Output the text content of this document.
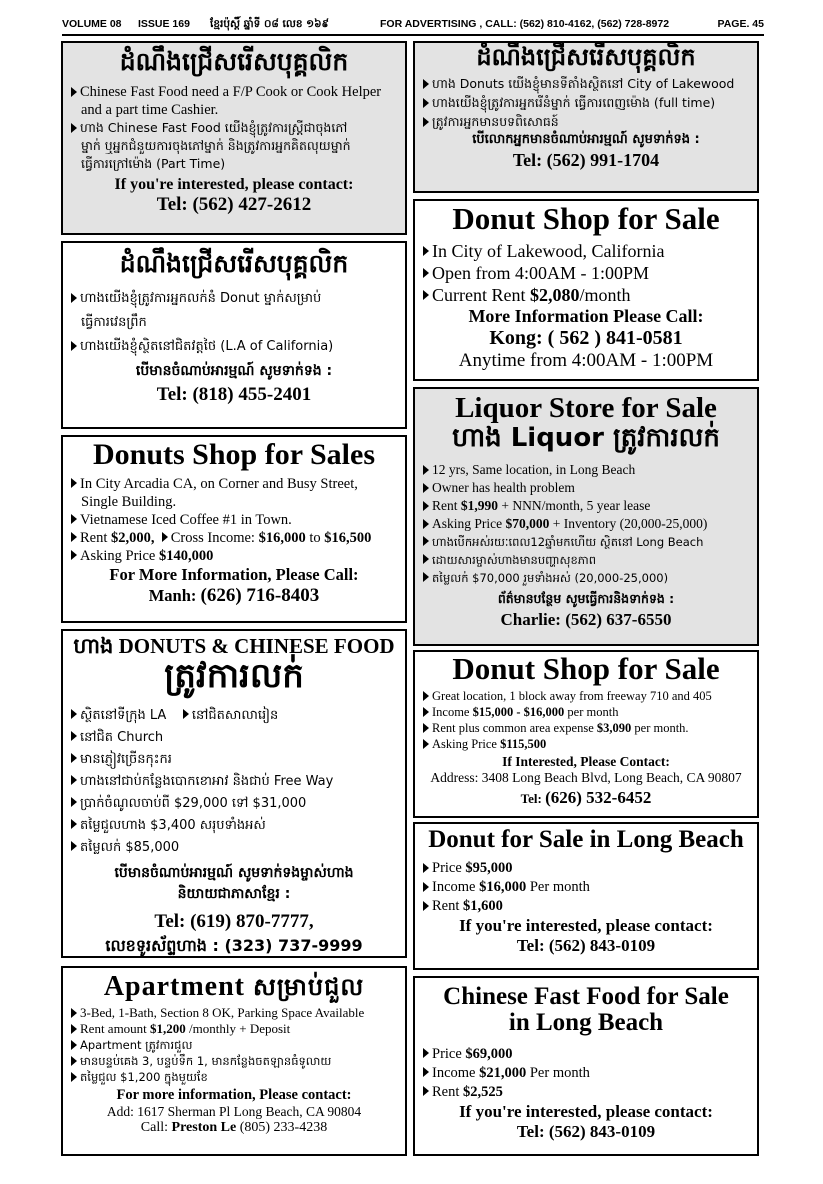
VOLUME 08 ISSUE 169 ខ្មែរប៉ុស្ដិ៍ ឆ្នាំទី ០៨ លេខ ១៦៩	FOR ADVERTISING , CALL: (562) 810-4162, (562) 728-8972	PAGE. 45
ដំណឹងជ្រើសរើសបុគ្គលិក
Chinese Fast Food need a F/P Cook or Cook Helper
and a part time Cashier.
ហាង Chinese Fast Food យើងខ្ញុំត្រូវការស្ដ្រីជាចុងភៅ
ម្នាក់ ឬអ្នកជំនួយការចុងភៅម្នាក់ និងត្រូវការអ្នកគិតលុយម្នាក់
ធ្វើការក្រៅម៉ោង (Part Time)
If you're interested, please contact:
Tel: (562) 427-2612
ដំណឹងជ្រើសរើសបុគ្គលិក
ហាងយើងខ្ញុំត្រូវការអ្នកលក់នំ Donut ម្នាក់សម្រាប់
ធ្វើការវេនព្រឹក
ហាងយើងខ្ញុំស្ថិតនៅជិតវត្តថៃ (L.A of California)
បើមានចំណាប់អារម្មណ៍ សូមទាក់ទង :
Tel: (818) 455-2401
Donuts Shop for Sales
In City Arcadia CA, on Corner and Busy Street,
Single Building.
Vietnamese Iced Coffee #1 in Town.
Rent $2,000, Cross Income: $16,000 to $16,500
Asking Price $140,000
For More Information, Please Call:
Manh: (626) 716-8403
ហាង DONUTS & CHINESE FOOD
ត្រូវការលក់
ស្ថិតនៅទីក្រុង LA នៅជិតសាលារៀន
នៅជិត Church
មានភ្ញៀវច្រើនកុះករ
ហាងនៅជាប់កន្លែងបោកខោអាវ និងជាប់ Free Way
ប្រាក់ចំណូលចាប់ពី $29,000 ទៅ $31,000
តម្លៃជួលហាង $3,400 សរុបទាំងអស់
តម្លៃលក់ $85,000
បើមានចំណាប់អារម្មណ៍ សូមទាក់ទងម្ចាស់ហាង
និយាយជាភាសាខ្មែរ :
Tel: (619) 870-7777,
លេខទូរស័ព្ទហាង : (323) 737-9999
Apartment សម្រាប់ជួល
3-Bed, 1-Bath, Section 8 OK, Parking Space Available
Rent amount $1,200 /monthly + Deposit
Apartment ត្រូវការជួល
មានបន្ទប់គេង 3, បន្ទប់ទឹក 1, មានកន្លែងចតឡានធំទូលាយ
តម្លៃជួល $1,200 ក្នុងមួយខែ
For more information, Please contact:
Add: 1617 Sherman Pl Long Beach, CA 90804
Call: Preston Le (805) 233-4238
ដំណឹងជ្រើសរើសបុគ្គលិក
ហាង Donuts យើងខ្ញុំមានទីតាំងស្ថិតនៅ City of Lakewood
ហាងយើងខ្ញុំត្រូវការអ្នករើនំម្នាក់ ធ្វើការពេញម៉ោង (full time)
ត្រូវការអ្នកមានបទពិសោធន៍
បើលោកអ្នកមានចំណាប់អារម្មណ៍ សូមទាក់ទង :
Tel: (562) 991-1704
Donut Shop for Sale
In City of Lakewood, California
Open from 4:00AM - 1:00PM
Current Rent $2,080/month
More Information Please Call:
Kong: ( 562 ) 841-0581
Anytime from 4:00AM - 1:00PM
Liquor Store for Sale
ហាង Liquor ត្រូវការលក់
12 yrs, Same location, in Long Beach
Owner has health problem
Rent $1,990 + NNN/month, 5 year lease
Asking Price $70,000 + Inventory (20,000-25,000)
ហាងបើកអស់រយៈពេល12ឆ្នាំមកហើយ ស្ថិតនៅ Long Beach
ដោយសារម្ចាស់ហាងមានបញ្ហាសុខភាព
តម្លៃលក់ $70,000 រួមទាំងអស់ (20,000-25,000)
ព័ត៌មានបន្ថែម សូមធ្វើការនិងទាក់ទង :
Charlie: (562) 637-6550
Donut Shop for Sale
Great location, 1 block away from freeway 710 and 405
Income $15,000 - $16,000 per month
Rent plus common area expense $3,090 per month.
Asking Price $115,500
If Interested, Please Contact:
Address: 3408 Long Beach Blvd, Long Beach, CA 90807
Tel: (626) 532-6452
Donut for Sale in Long Beach
Price $95,000
Income $16,000 Per month
Rent $1,600
If you're interested, please contact:
Tel: (562) 843-0109
Chinese Fast Food for Sale
in Long Beach
Price $69,000
Income $21,000 Per month
Rent $2,525
If you're interested, please contact:
Tel: (562) 843-0109
